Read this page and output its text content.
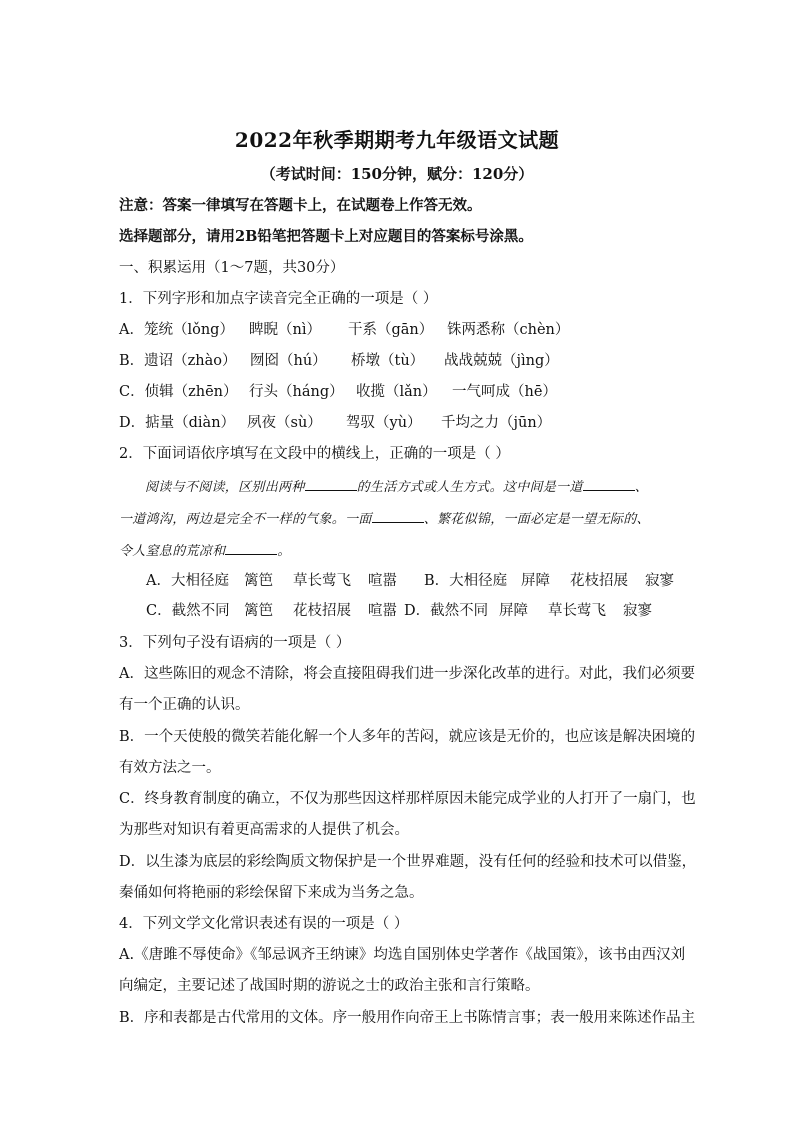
2022年秋季期期考九年级语文试题
（考试时间：150分钟，赋分：120分）
注意：答案一律填写在答题卡上，在试题卷上作答无效。
选择题部分，请用2B铅笔把答题卡上对应题目的答案标号涂黑。
一、积累运用（1～7题，共30分）
1．下列字形和加点字读音完全正确的一项是（ ）
A．笼统（lǒng） 睥睨（nì） 干系（gān） 铢两悉称（chèn）
B．遗诏（zhào） 囫囵（hú） 桥墩（tù） 战战兢兢（jìng）
C．侦辑（zhēn） 行头（háng） 收揽（lǎn） 一气呵成（hē）
D．掂量（diàn） 夙夜（sù） 驾驭（yù） 千均之力（jūn）
2．下面词语依序填写在文段中的横线上，正确的一项是（ ）
阅读与不阅读，区别出两种	的生活方式或人生方式。这中间是一道	、
一道鸿沟，两边是完全不一样的气象。一面	、繁花似锦，一面必定是一望无际的、
令人窒息的荒凉和	。
A．大相径庭 篱笆 草长莺飞 喧嚣 B．大相径庭 屏障 花枝招展 寂寥
C．截然不同 篱笆 花枝招展 喧嚣 D．截然不同 屏障 草长莺飞 寂寥
3．下列句子没有语病的一项是（ ）
A．这些陈旧的观念不清除，将会直接阻碍我们进一步深化改革的进行。对此，我们必须要
有一个正确的认识。
B．一个天使般的微笑若能化解一个人多年的苦闷，就应该是无价的，也应该是解决困境的
有效方法之一。
C．终身教育制度的确立，不仅为那些因这样那样原因未能完成学业的人打开了一扇门，也
为那些对知识有着更高需求的人提供了机会。
D．以生漆为底层的彩绘陶质文物保护是一个世界难题，没有任何的经验和技术可以借鉴，
秦俑如何将艳丽的彩绘保留下来成为当务之急。
4．下列文学文化常识表述有误的一项是（ ）
A.《唐雎不辱使命》《邹忌讽齐王纳谏》均选自国别体史学著作《战国策》，该书由西汉刘
向编定，主要记述了战国时期的游说之士的政治主张和言行策略。
B．序和表都是古代常用的文体。序一般用作向帝王上书陈情言事；表一般用来陈述作品主
